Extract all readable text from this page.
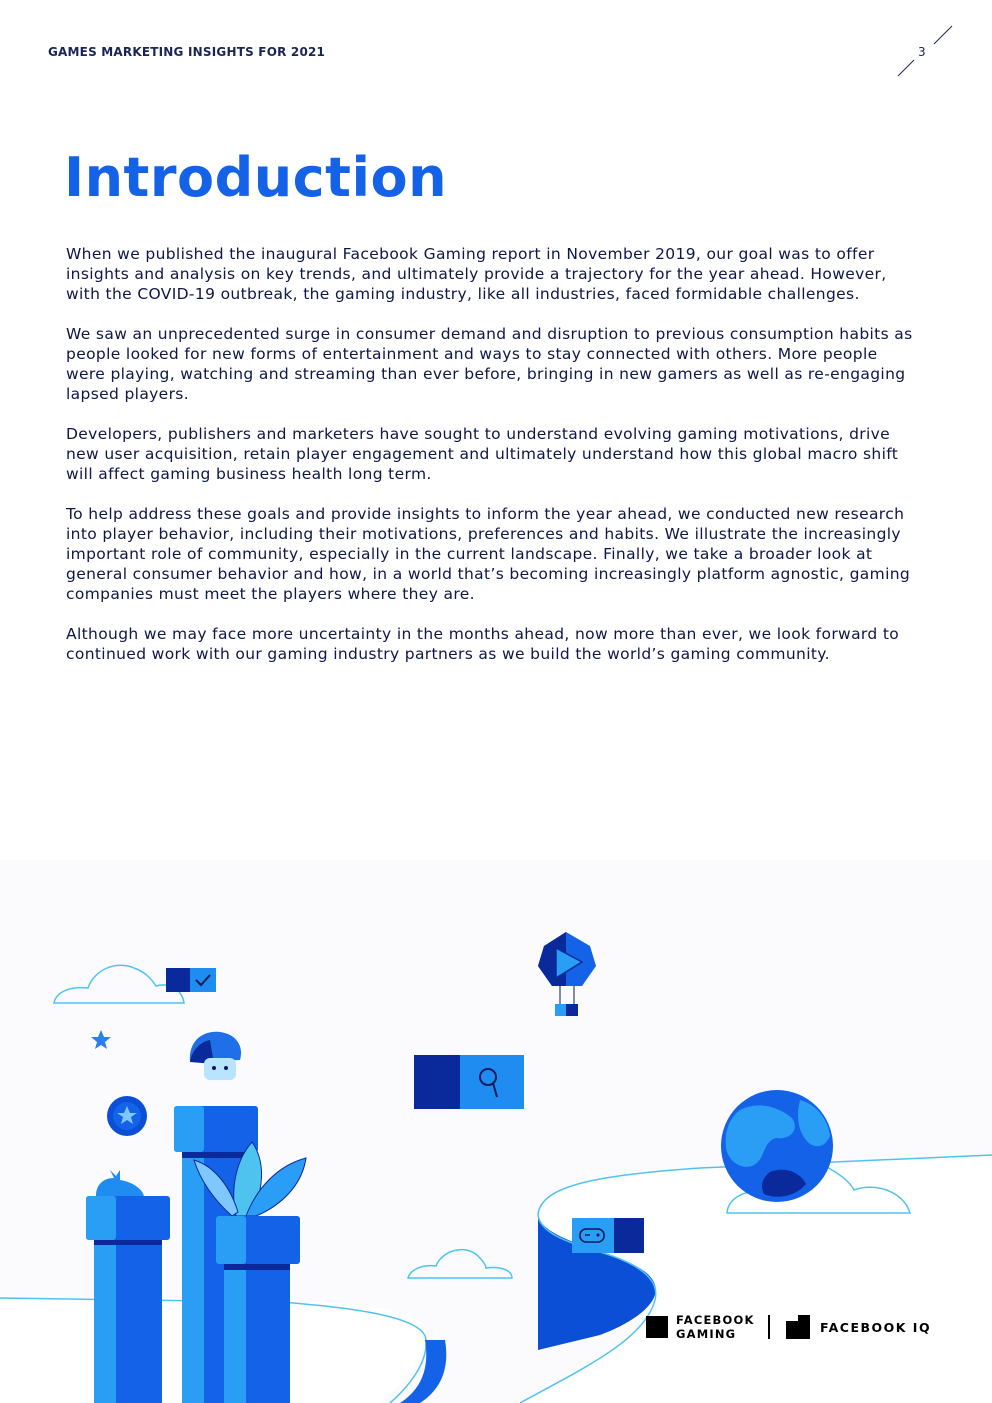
GAMES MARKETING INSIGHTS FOR 2021	3
Introduction

When we published the inaugural Facebook Gaming report in November 2019, our goal was to offer insights and analysis on key trends, and ultimately provide a trajectory for the year ahead. However, with the COVID-19 outbreak, the gaming industry, like all industries, faced formidable challenges.

We saw an unprecedented surge in consumer demand and disruption to previous consumption habits as people looked for new forms of entertainment and ways to stay connected with others. More people were playing, watching and streaming than ever before, bringing in new gamers as well as re-engaging lapsed players.

Developers, publishers and marketers have sought to understand evolving gaming motivations, drive new user acquisition, retain player engagement and ultimately understand how this global macro shift will affect gaming business health long term.

To help address these goals and provide insights to inform the year ahead, we conducted new research into player behavior, including their motivations, preferences and habits. We illustrate the increasingly important role of community, especially in the current landscape. Finally, we take a broader look at general consumer behavior and how, in a world that’s becoming increasingly platform agnostic, gaming companies must meet the players where they are.

Although we may face more uncertainty in the months ahead, now more than ever, we look forward to continued work with our gaming industry partners as we build the world’s gaming community.

FACEBOOK
GAMING	FACEBOOK IQ
